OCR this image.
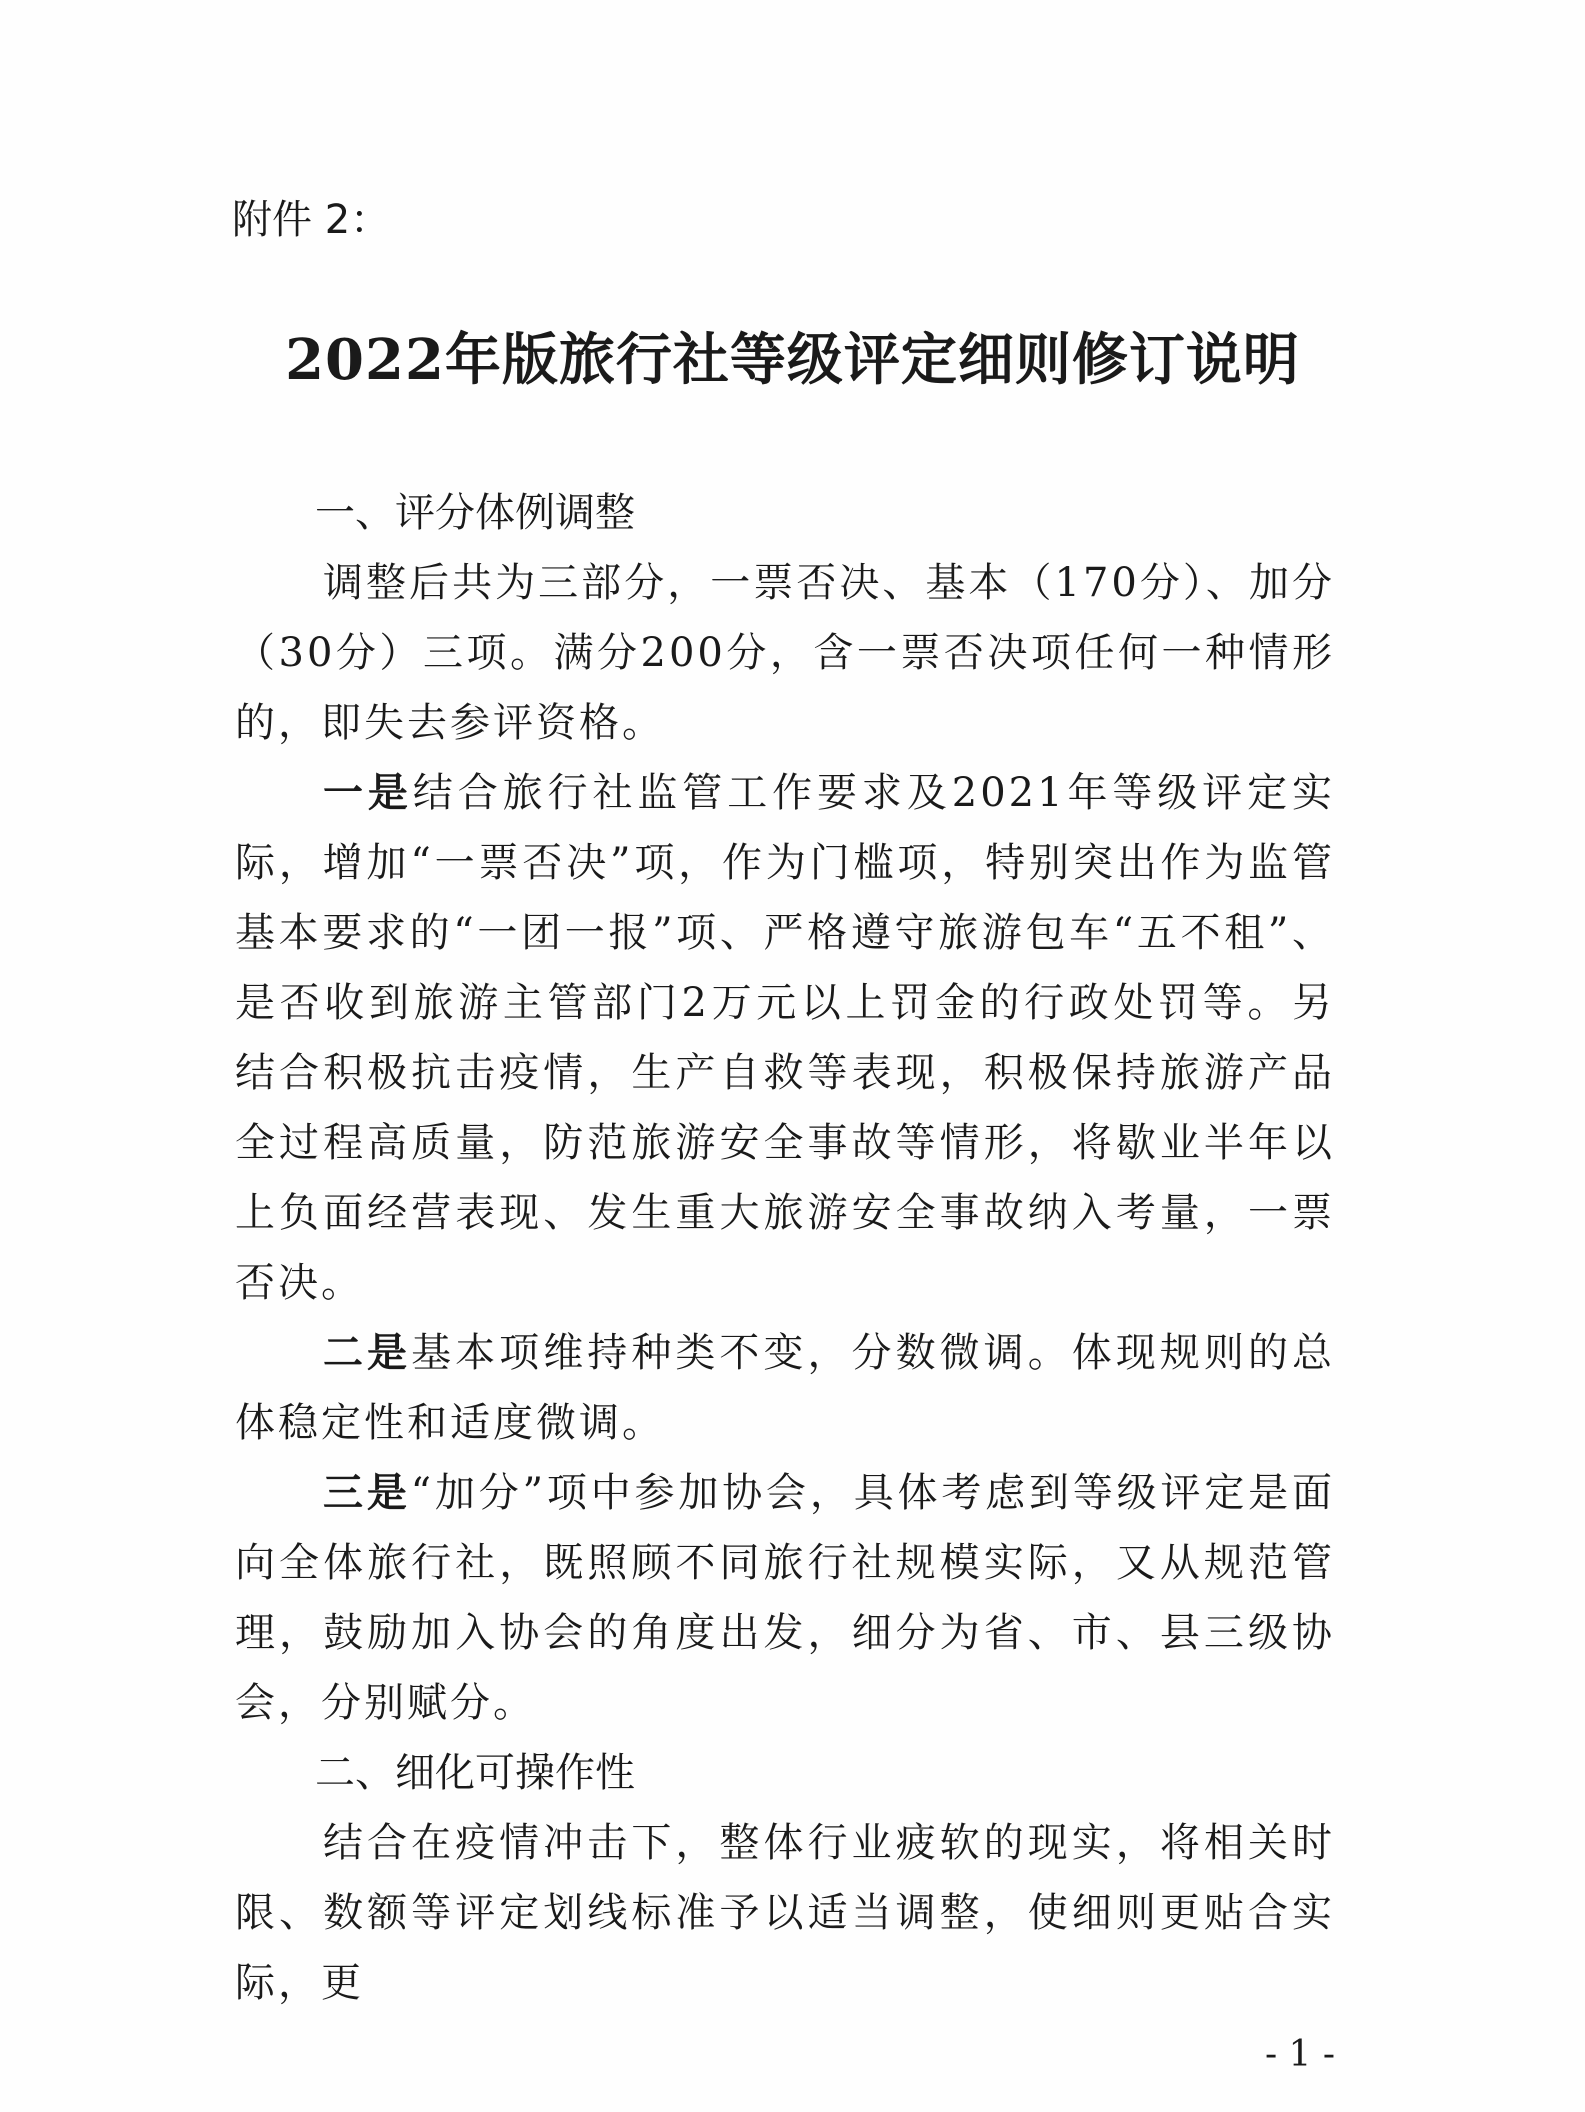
附件 2：
2022年版旅行社等级评定细则修订说明

一、评分体例调整

调整后共为三部分，一票否决、基本（170分）、加分（30分）三项。满分200分，含一票否决项任何一种情形的，即失去参评资格。

一是结合旅行社监管工作要求及2021年等级评定实际，增加“一票否决”项，作为门槛项，特别突出作为监管基本要求的“一团一报”项、严格遵守旅游包车“五不租”、是否收到旅游主管部门2万元以上罚金的行政处罚等。另结合积极抗击疫情，生产自救等表现，积极保持旅游产品全过程高质量，防范旅游安全事故等情形，将歇业半年以上负面经营表现、发生重大旅游安全事故纳入考量，一票否决。

二是基本项维持种类不变，分数微调。体现规则的总体稳定性和适度微调。

三是“加分”项中参加协会，具体考虑到等级评定是面向全体旅行社，既照顾不同旅行社规模实际，又从规范管理，鼓励加入协会的角度出发，细分为省、市、县三级协会，分别赋分。

二、细化可操作性

结合在疫情冲击下，整体行业疲软的现实，将相关时限、数额等评定划线标准予以适当调整，使细则更贴合实际，更

- 1 -
